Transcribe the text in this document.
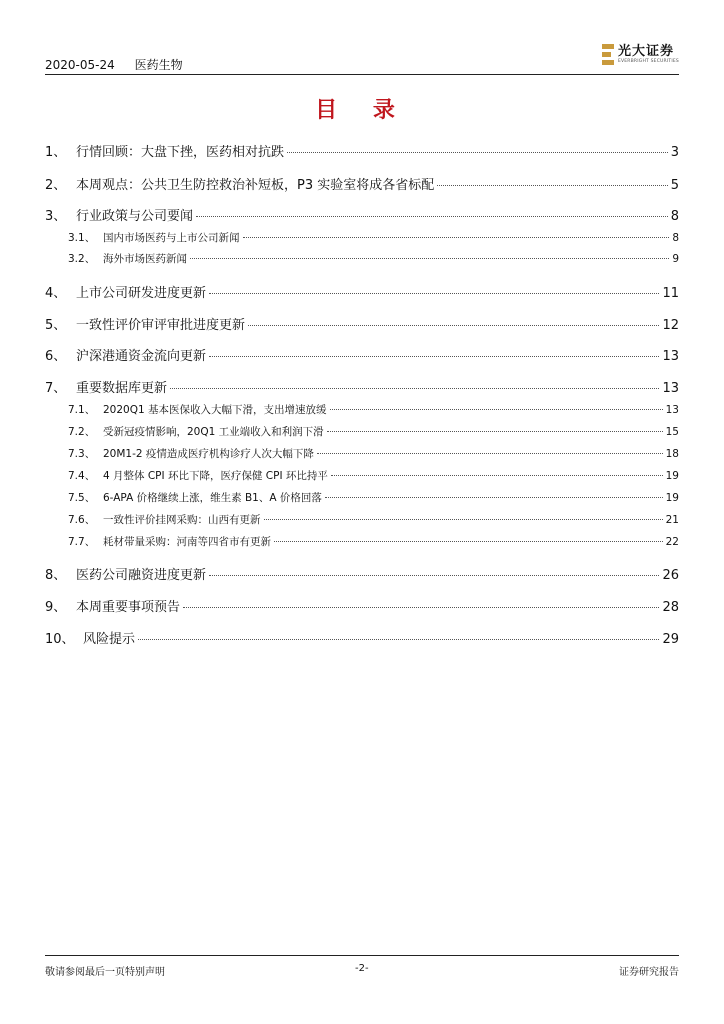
2020-05-24 医药生物
光大证券
EVERBRIGHT SECURITIES
目 录
1、 行情回顾：大盘下挫，医药相对抗跌	3
2、 本周观点：公共卫生防控救治补短板，P3 实验室将成各省标配	5
3、 行业政策与公司要闻	8
3.1、 国内市场医药与上市公司新闻	8
3.2、 海外市场医药新闻	9
4、 上市公司研发进度更新	11
5、 一致性评价审评审批进度更新	12
6、 沪深港通资金流向更新	13
7、 重要数据库更新	13
7.1、 2020Q1 基本医保收入大幅下滑，支出增速放缓	13
7.2、 受新冠疫情影响，20Q1 工业端收入和利润下滑	15
7.3、 20M1-2 疫情造成医疗机构诊疗人次大幅下降	18
7.4、 4 月整体 CPI 环比下降，医疗保健 CPI 环比持平	19
7.5、 6-APA 价格继续上涨，维生素 B1、A 价格回落	19
7.6、 一致性评价挂网采购：山西有更新	21
7.7、 耗材带量采购：河南等四省市有更新	22
8、 医药公司融资进度更新	26
9、 本周重要事项预告	28
10、 风险提示	29
敬请参阅最后一页特别声明	-2-	证券研究报告
